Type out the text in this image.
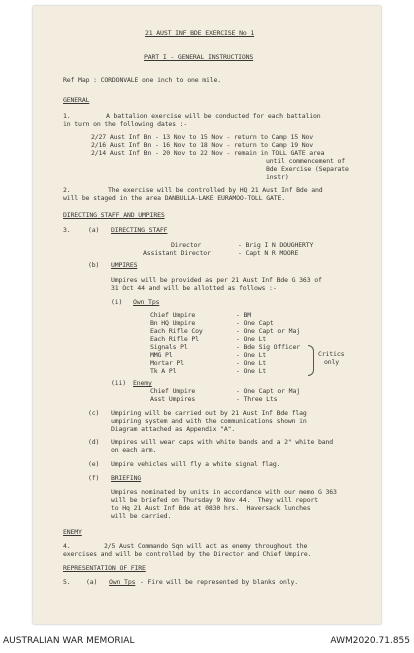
21 AUST INF BDE EXERCISE No 1
PART I - GENERAL INSTRUCTIONS
Ref Map : CORDONVALE one inch to one mile.
GENERAL
1.	A battalion exercise will be conducted for each battalion
in turn on the following dates :-
2/27 Aust Inf Bn - 13 Nov to 15 Nov - return to Camp 15 Nov
2/16 Aust Inf Bn - 16 Nov to 18 Nov - return to Camp 19 Nov
2/14 Aust Inf Bn - 20 Nov to 22 Nov - remain in TOLL GATE area
until commencement of
Bde Exercise (Separate
instr)
2.	The exercise will be controlled by HQ 21 Aust Inf Bde and
will be staged in the area DANBULLA-LAKE EURAMOO-TOLL GATE.
DIRECTING STAFF AND UMPIRES
3.	(a) DIRECTING STAFF
Director	- Brig I N DOUGHERTY
Assistant Director	- Capt N R MOORE
(b) UMPIRES
Umpires will be provided as per 21 Aust Inf Bde G 363 of
31 Oct 44 and will be allotted as follows :-
(i) Own Tps
Chief Umpire	- BM
Bn HQ Umpire	- One Capt
Each Rifle Coy	- One Capt or Maj
Each Rifle Pl	- One Lt
Signals Pl	- Bde Sig Officer
MMG Pl	- One Lt
Mortar Pl	- One Lt
Tk A Pl	- One Lt
Critics
only
(ii) Enemy
Chief Umpire	- One Capt or Maj
Asst Umpires	- Three Lts
(c) Umpiring will be carried out by 21 Aust Inf Bde flag
umpiring system and with the communications shown in
Diagram attached as Appendix "A".
(d) Umpires will wear caps with white bands and a 2" white band
on each arm.
(e) Umpire vehicles will fly a white signal flag.
(f) BRIEFING
Umpires nominated by units in accordance with our memo G 363
will be briefed on Thursday 9 Nov 44.  They will report
to Hq 21 Aust Inf Bde at 0830 hrs.  Haversack lunches
will be carried.
ENEMY
4.	2/5 Aust Commando Sqn will act as enemy throughout the
exercises and will be controlled by the Director and Chief Umpire.
REPRESENTATION OF FIRE
5. (a) Own Tps - Fire will be represented by blanks only.
AUSTRALIAN WAR MEMORIAL	AWM2020.71.855
